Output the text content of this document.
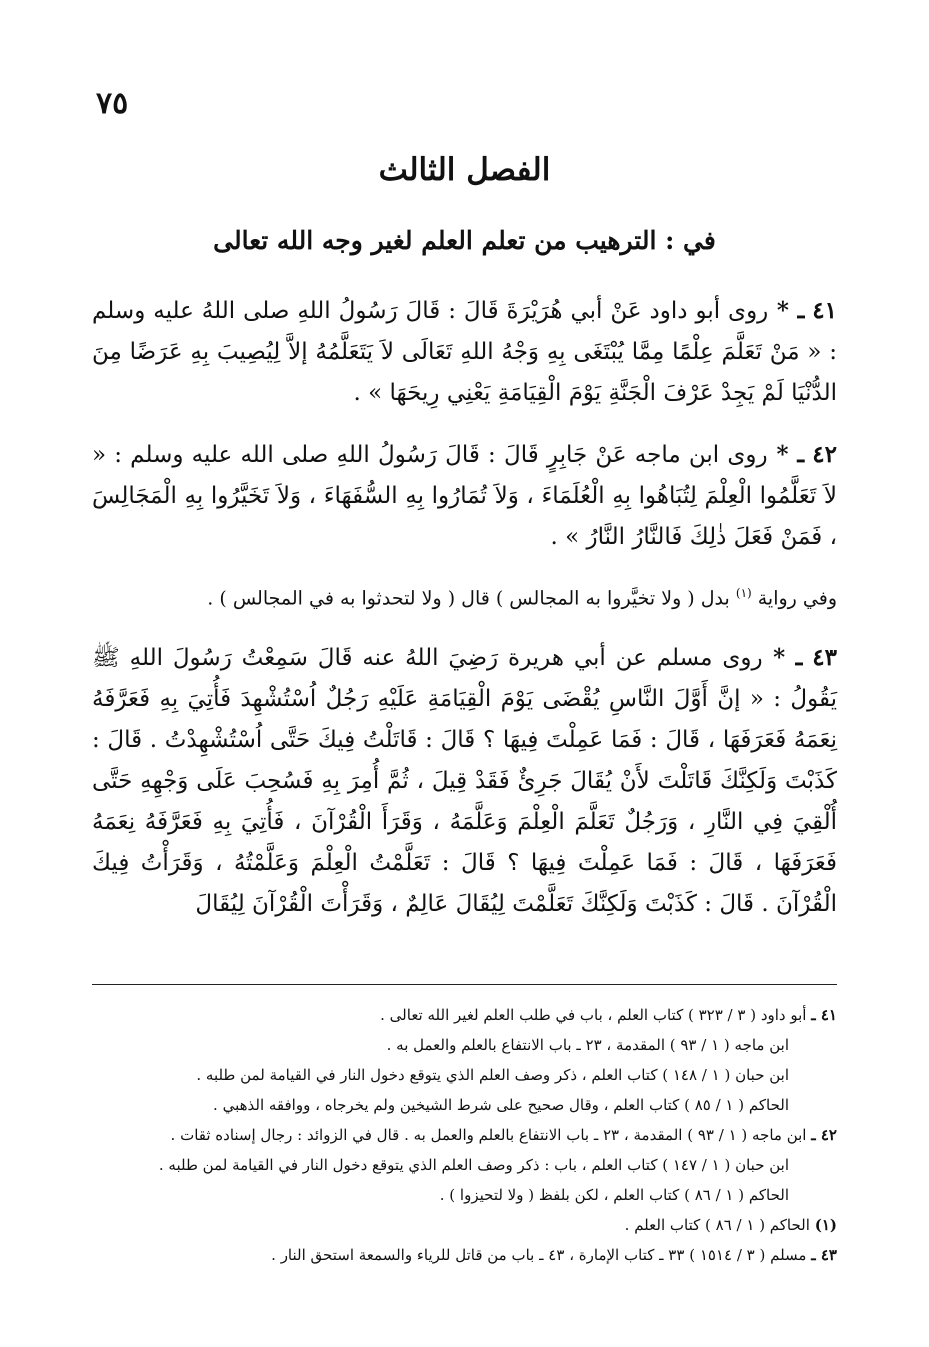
٧٥
الفصل الثالث
في : الترهيب من تعلم العلم لغير وجه الله تعالى

٤١ ـ * روى أبو داود عَنْ أبي هُرَيْرَةَ قَالَ : قَالَ رَسُولُ اللهِ صلى اللهُ عليه وسلم : « مَنْ تَعَلَّمَ عِلْمًا مِمَّا يُبْتَغَى بِهِ وَجْهُ اللهِ تَعَالَى لاَ يَتَعَلَّمُهُ إلاَّ لِيُصِيبَ بِهِ عَرَضًا مِنَ الدُّنْيَا لَمْ يَجِدْ عَرْفَ الْجَنَّةِ يَوْمَ الْقِيَامَةِ يَعْنِي رِيحَهَا » .

٤٢ ـ * روى ابن ماجه عَنْ جَابِرٍ قَالَ : قَالَ رَسُولُ اللهِ صلى الله عليه وسلم : « لاَ تَعَلَّمُوا الْعِلْمَ لِتُبَاهُوا بِهِ الْعُلَمَاءَ ، وَلاَ تُمَارُوا بِهِ السُّفَهَاءَ ، وَلاَ تَخَيَّرُوا بِهِ الْمَجَالِسَ ، فَمَنْ فَعَلَ ذٰلِكَ فَالنَّارُ النَّارُ » .

وفي رواية $^{(١)}$ بدل ( ولا تخيَّروا به المجالس ) قال ( ولا لتحدثوا به في المجالس ) .

٤٣ ـ * روى مسلم عن أبي هريرة رَضِيَ اللهُ عنه قَالَ سَمِعْتُ رَسُولَ اللهِ ﷺ يَقُولُ : « إنَّ أَوَّلَ النَّاسِ يُقْضَى يَوْمَ الْقِيَامَةِ عَلَيْهِ رَجُلٌ اُسْتُشْهِدَ فَأُتِيَ بِهِ فَعَرَّفَهُ نِعَمَهُ فَعَرَفَهَا ، قَالَ : فَمَا عَمِلْتَ فِيهَا ؟ قَالَ : قَاتَلْتُ فِيكَ حَتَّى اُسْتُشْهِدْتُ . قَالَ : كَذَبْتَ وَلَكِنَّكَ قَاتَلْتَ لأَنْ يُقَالَ جَرِئٌ فَقَدْ قِيلَ ، ثُمَّ أُمِرَ بِهِ فَسُحِبَ عَلَى وَجْهِهِ حَتَّى أُلْقِيَ فِي النَّارِ ، وَرَجُلٌ تَعَلَّمَ الْعِلْمَ وَعَلَّمَهُ ، وَقَرَأَ الْقُرْآنَ ، فَأُتِيَ بِهِ فَعَرَّفَهُ نِعَمَهُ فَعَرَفَهَا ، قَالَ : فَمَا عَمِلْتَ فِيهَا ؟ قَالَ : تَعَلَّمْتُ الْعِلْمَ وَعَلَّمْتُهُ ، وَقَرَأْتُ فِيكَ الْقُرْآنَ . قَالَ : كَذَبْتَ وَلَكِنَّكَ تَعَلَّمْتَ لِيُقَالَ عَالِمٌ ، وَقَرَأْتَ الْقُرْآنَ لِيُقَالَ

٤١ ـ أبو داود ( ٣ / ٣٢٣ ) كتاب العلم ، باب في طلب العلم لغير الله تعالى .
ابن ماجه ( ١ / ٩٣ ) المقدمة ، ٢٣ ـ باب الانتفاع بالعلم والعمل به .
ابن حبان ( ١ / ١٤٨ ) كتاب العلم ، ذكر وصف العلم الذي يتوقع دخول النار في القيامة لمن طلبه .
الحاكم ( ١ / ٨٥ ) كتاب العلم ، وقال صحيح على شرط الشيخين ولم يخرجاه ، ووافقه الذهبي .
٤٢ ـ ابن ماجه ( ١ / ٩٣ ) المقدمة ، ٢٣ ـ باب الانتفاع بالعلم والعمل به . قال في الزوائد : رجال إسناده ثقات .
ابن حبان ( ١ / ١٤٧ ) كتاب العلم ، باب : ذكر وصف العلم الذي يتوقع دخول النار في القيامة لمن طلبه .
الحاكم ( ١ / ٨٦ ) كتاب العلم ، لكن بلفظ ( ولا لتحيزوا ) .
(١) الحاكم ( ١ / ٨٦ ) كتاب العلم .
٤٣ ـ مسلم ( ٣ / ١٥١٤ ) ٣٣ ـ كتاب الإمارة ، ٤٣ ـ باب من قاتل للرياء والسمعة استحق النار .
